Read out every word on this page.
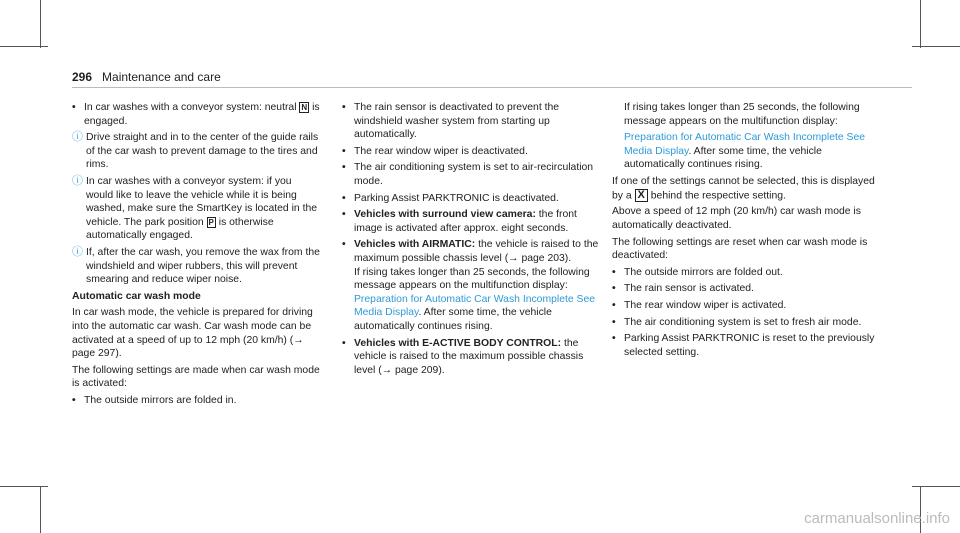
296 Maintenance and care
• In car washes with a conveyor system: neutral N is engaged.
ⓘ Drive straight and in to the center of the guide rails of the car wash to prevent damage to the tires and rims.
ⓘ In car washes with a conveyor system: if you would like to leave the vehicle while it is being washed, make sure the SmartKey is located in the vehicle. The park position P is otherwise automatically engaged.
ⓘ If, after the car wash, you remove the wax from the windshield and wiper rubbers, this will prevent smearing and reduce wiper noise.

Automatic car wash mode

In car wash mode, the vehicle is prepared for driving into the automatic car wash. Car wash mode can be activated at a speed of up to 12 mph (20 km/h) (→ page 297).

The following settings are made when car wash mode is activated:

• The outside mirrors are folded in.
• The rain sensor is deactivated to prevent the windshield washer system from starting up automatically.
• The rear window wiper is deactivated.
• The air conditioning system is set to air-recirculation mode.
• Parking Assist PARKTRONIC is deactivated.
• Vehicles with surround view camera: the front image is activated after approx. eight seconds.
• Vehicles with AIRMATIC: the vehicle is raised to the maximum possible chassis level (→ page 203).
If rising takes longer than 25 seconds, the following message appears on the multifunction display:
Preparation for Automatic Car Wash Incomplete See Media Display. After some time, the vehicle automatically continues rising.
• Vehicles with E-ACTIVE BODY CONTROL: the vehicle is raised to the maximum possible chassis level (→ page 209).

If rising takes longer than 25 seconds, the following message appears on the multifunction display:

Preparation for Automatic Car Wash Incomplete See Media Display. After some time, the vehicle automatically continues rising.

If one of the settings cannot be selected, this is displayed by a X behind the respective setting.

Above a speed of 12 mph (20 km/h) car wash mode is automatically deactivated.

The following settings are reset when car wash mode is deactivated:

• The outside mirrors are folded out.
• The rain sensor is activated.
• The rear window wiper is activated.
• The air conditioning system is set to fresh air mode.
• Parking Assist PARKTRONIC is reset to the previously selected setting.
carmanualsonline.info
